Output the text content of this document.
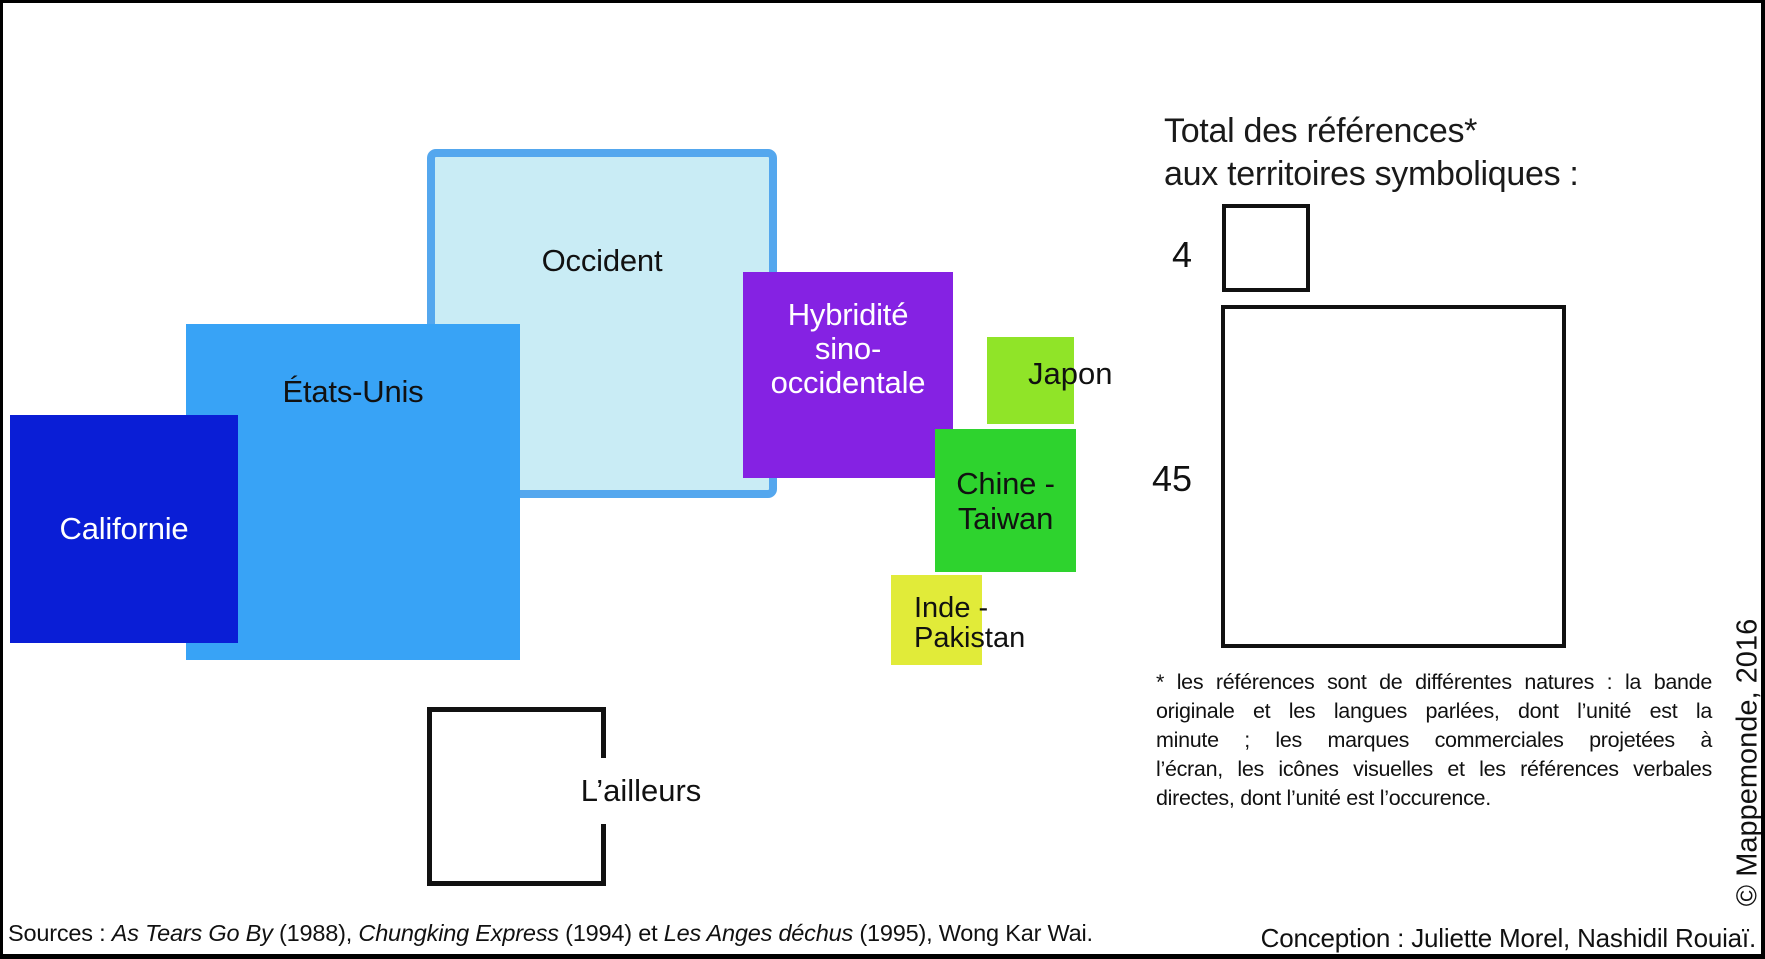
Occident
États-Unis
Californie
Hybridité
sino-
occidentale	Japon
Chine -
Taiwan
Inde -
Pakistan
L’ailleurs
Total des références*
aux territoires symboliques :
4
45
* les références sont de différentes natures : la bande
originale et les langues parlées, dont l’unité est la
minute ; les marques commerciales projetées à
l’écran, les icônes visuelles et les références verbales
directes, dont l’unité est l’occurence.
Sources : As Tears Go By (1988), Chungking Express (1994) et Les Anges déchus (1995), Wong Kar Wai.	Conception : Juliette Morel, Nashidil Rouiaï.
© Mappemonde, 2016
